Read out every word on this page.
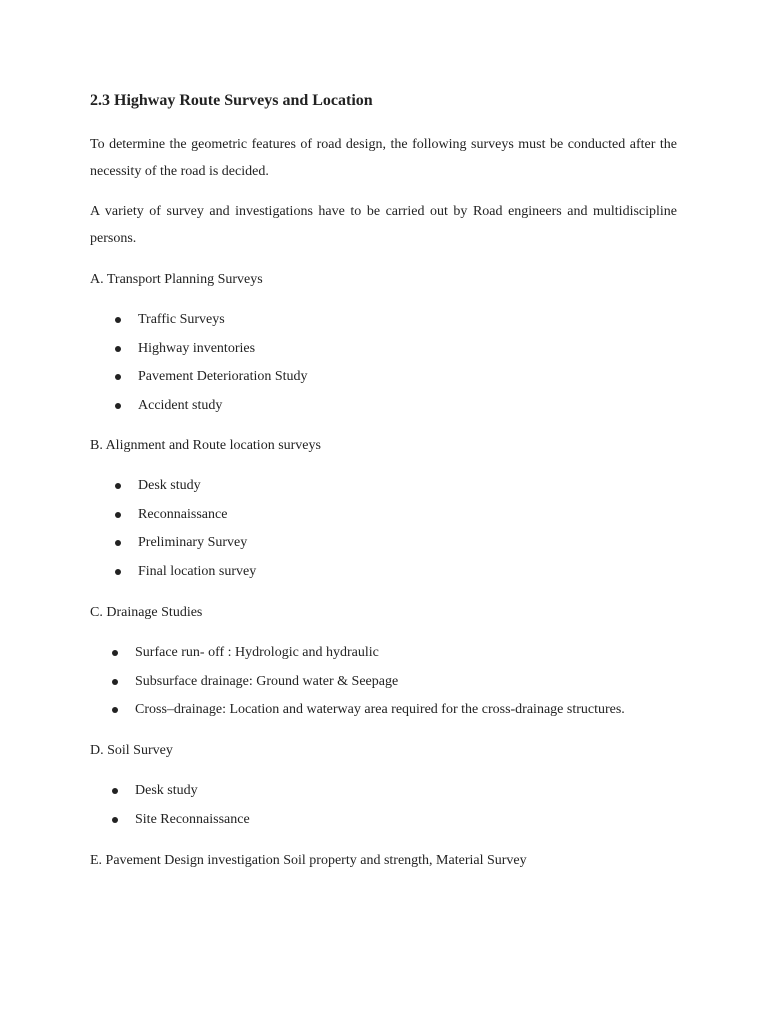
2.3 Highway Route Surveys and Location

To determine the geometric features of road design, the following surveys must be conducted after the necessity of the road is decided.

A variety of survey and investigations have to be carried out by Road engineers and multidiscipline persons.

A. Transport Planning Surveys

Traffic Surveys
Highway inventories
Pavement Deterioration Study
Accident study

B. Alignment and Route location surveys

Desk study
Reconnaissance
Preliminary Survey
Final location survey

C. Drainage Studies

Surface run- off : Hydrologic and hydraulic
Subsurface drainage: Ground water & Seepage
Cross–drainage: Location and waterway area required for the cross-drainage structures.

D. Soil Survey

Desk study
Site Reconnaissance

E. Pavement Design investigation Soil property and strength, Material Survey
